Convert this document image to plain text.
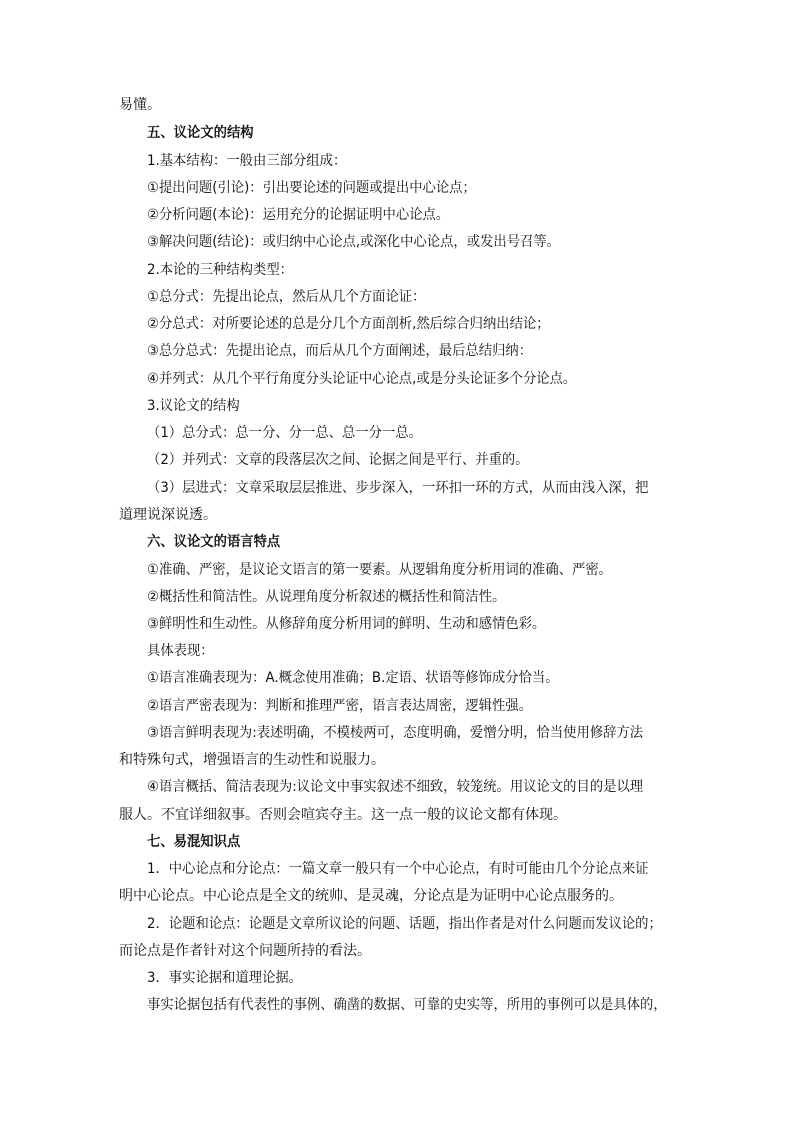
易懂。
五、议论文的结构
1.基本结构：一般由三部分组成：
①提出问题(引论)：引出要论述的问题或提出中心论点；
②分析问题(本论)：运用充分的论据证明中心论点。
③解决问题(结论)：或归纳中心论点,或深化中心论点，或发出号召等。
2.本论的三种结构类型：
①总分式：先提出论点，然后从几个方面论证：
②分总式：对所要论述的总是分几个方面剖析,然后综合归纳出结论；
③总分总式：先提出论点，而后从几个方面阐述，最后总结归纳：
④并列式：从几个平行角度分头论证中心论点,或是分头论证多个分论点。
3.议论文的结构
（1）总分式：总一分、分一总、总一分一总。
（2）并列式：文章的段落层次之间、论据之间是平行、并重的。
（3）层进式：文章采取层层推进、步步深入，一环扣一环的方式，从而由浅入深，把
道理说深说透。
六、议论文的语言特点
①准确、严密，是议论文语言的第一要素。从逻辑角度分析用词的准确、严密。
②概括性和简洁性。从说理角度分析叙述的概括性和简洁性。
③鲜明性和生动性。从修辞角度分析用词的鲜明、生动和感情色彩。
具体表现：
①语言准确表现为：A.概念使用准确；B.定语、状语等修饰成分恰当。
②语言严密表现为：判断和推理严密，语言表达周密，逻辑性强。
③语言鲜明表现为:表述明确，不模棱两可，态度明确，爱憎分明，恰当使用修辞方法
和特殊句式，增强语言的生动性和说服力。
④语言概括、简洁表现为:议论文中事实叙述不细致，较笼统。用议论文的目的是以理
服人。不宜详细叙事。否则会喧宾夺主。这一点一般的议论文都有体现。
七、易混知识点
1．中心论点和分论点：一篇文章一般只有一个中心论点，有时可能由几个分论点来证
明中心论点。中心论点是全文的统帅、是灵魂，分论点是为证明中心论点服务的。
2．论题和论点：论题是文章所议论的问题、话题，指出作者是对什么问题而发议论的；
而论点是作者针对这个问题所持的看法。
3．事实论据和道理论据。
事实论据包括有代表性的事例、确凿的数据、可靠的史实等，所用的事例可以是具体的，
